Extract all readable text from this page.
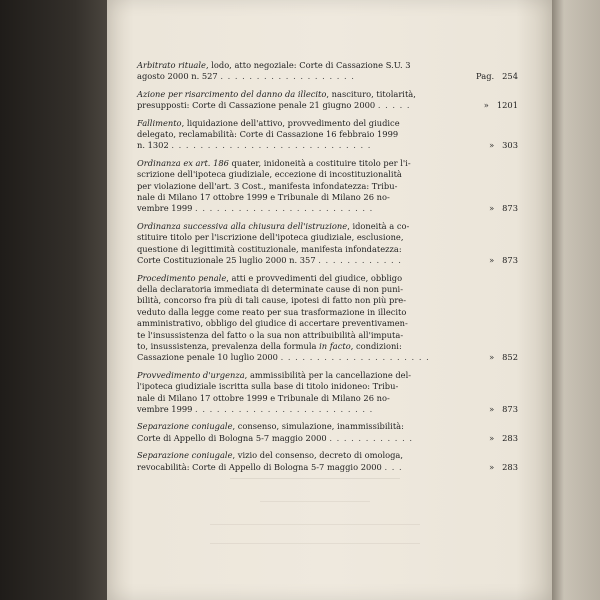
Arbitrato rituale, lodo, atto negoziale: Corte di Cassazione S.U. 3
agosto 2000 n. 527 . . . . . . . . . . . . . . . . . . .	Pag. 254

Azione per risarcimento del danno da illecito, nascituro, titolarità,
presupposti: Corte di Cassazione penale 21 giugno 2000 . . . . .	» 1201

Fallimento, liquidazione dell'attivo, provvedimento del giudice
delegato, reclamabilità: Corte di Cassazione 16 febbraio 1999
n. 1302 . . . . . . . . . . . . . . . . . . . . . . . . . . . .	» 303

Ordinanza ex art. 186 quater, inidoneità a costituire titolo per l'i-
scrizione dell'ipoteca giudiziale, eccezione di incostituzionalità
per violazione dell'art. 3 Cost., manifesta infondatezza: Tribu-
nale di Milano 17 ottobre 1999 e Tribunale di Milano 26 no-
vembre 1999 . . . . . . . . . . . . . . . . . . . . . . . . .	» 873

Ordinanza successiva alla chiusura dell'istruzione, idoneità a co-
stituire titolo per l'iscrizione dell'ipoteca giudiziale, esclusione,
questione di legittimità costituzionale, manifesta infondatezza:
Corte Costituzionale 25 luglio 2000 n. 357 . . . . . . . . . . . .	» 873

Procedimento penale, atti e provvedimenti del giudice, obbligo
della declaratoria immediata di determinate cause di non puni-
bilità, concorso fra più di tali cause, ipotesi di fatto non più pre-
veduto dalla legge come reato per sua trasformazione in illecito
amministrativo, obbligo del giudice di accertare preventivamen-
te l'insussistenza del fatto o la sua non attribuibilità all'imputa-
to, insussistenza, prevalenza della formula in facto, condizioni:
Cassazione penale 10 luglio 2000 . . . . . . . . . . . . . . . . . . . . .	» 852

Provvedimento d'urgenza, ammissibilità per la cancellazione del-
l'ipoteca giudiziale iscritta sulla base di titolo inidoneo: Tribu-
nale di Milano 17 ottobre 1999 e Tribunale di Milano 26 no-
vembre 1999 . . . . . . . . . . . . . . . . . . . . . . . . .	» 873

Separazione coniugale, consenso, simulazione, inammissibilità:
Corte di Appello di Bologna 5-7 maggio 2000 . . . . . . . . . . . .	» 283

Separazione coniugale, vizio del consenso, decreto di omologa,
revocabilità: Corte di Appello di Bologna 5-7 maggio 2000 . . .	» 283
